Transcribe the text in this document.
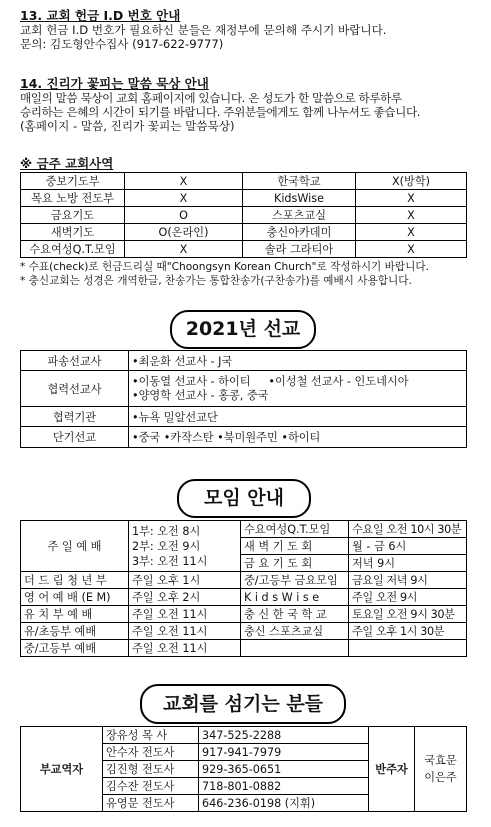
13. 교회 헌금 I.D 번호 안내
교회 헌금 I.D 번호가 필요하신 분들은 재정부에 문의해 주시기 바랍니다.
문의: 김도형안수집사 (917-622-9777)
14. 진리가 꽃피는 말씀 묵상 안내
매일의 말씀 묵상이 교회 홈페이지에 있습니다. 온 성도가 한 말씀으로 하루하루
승리하는 은혜의 시간이 되기를 바랍니다. 주위분들에게도 함께 나누셔도 좋습니다.
(홈페이지 - 말씀, 진리가 꽃피는 말씀묵상)
※ 금주 교회사역
중보기도부	X	한국학교	X(방학)
목요 노방 전도부	X	KidsWise	X
금요기도	O	스포츠교실	X
새벽기도	O(온라인)	충신아카데미	X
수요여성Q.T.모임	X	솔라 그라티아	X
* 수표(check)로 헌금드리실 때"Choongsyn Korean Church"로 작성하시기 바랍니다.
* 충신교회는 성경은 개역한글, 찬송가는 통합찬송가(구찬송가)를 예배시 사용합니다.
2021년 선교
파송선교사	•최운화 선교사 - J국
협력선교사	•이동열 선교사 - 하이티 •이성철 선교사 - 인도네시아
•양영학 선교사 - 홍콩, 중국
협력기관	•뉴욕 밀알선교단
단기선교	•중국 •카작스탄 •북미원주민 •하이티
모임 안내
주 일 예 배	1부: 오전 8시
2부: 오전 9시
3부: 오전 11시	수요여성Q.T.모임	수요일 오전 10시 30분
		새 벽 기 도 회	월 - 금 6시
		금 요 기 도 회	저녁 9시
더 드 림 청 년 부	주일 오후 1시	중/고등부 금요모임	금요일 저녁 9시
영 어 예 배 (E M)	주일 오후 2시	K i d s W i s e	주일 오전 9시
유 치 부 예 배	주일 오전 11시	충 신 한 국 학 교	토요일 오전 9시 30분
유/초등부 예배	주일 오전 11시	충신 스포츠교실	주일 오후 1시 30분
중/고등부 예배	주일 오전 11시		
교회를 섬기는 분들
부교역자	장유성 목 사	347-525-2288	반주자	국효문
이은주

	안수자 전도사	917-941-7979		
	김진형 전도사	929-365-0651		
	김수잔 전도사	718-801-0882		
	유영문 전도사	646-236-0198 (지휘)		
